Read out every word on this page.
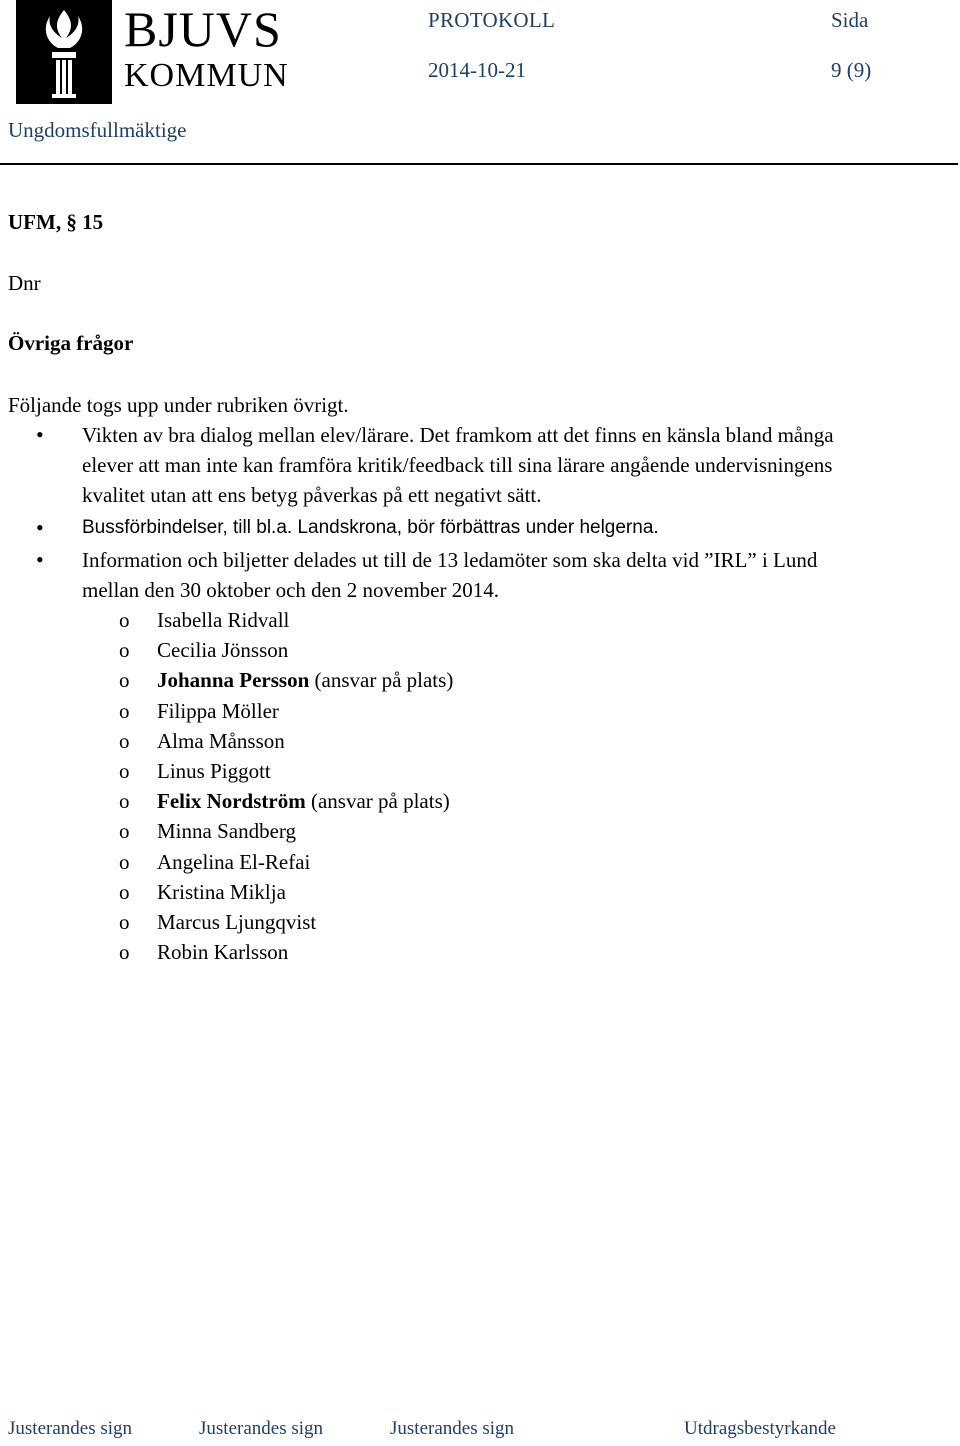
BJUVS
KOMMUN
PROTOKOLL	Sida
2014-10-21	9 (9)
Ungdomsfullmäktige
UFM, § 15
Dnr
Övriga frågor
Följande togs upp under rubriken övrigt.
• Vikten av bra dialog mellan elev/lärare. Det framkom att det finns en känsla bland många
elever att man inte kan framföra kritik/feedback till sina lärare angående undervisningens
kvalitet utan att ens betyg påverkas på ett negativt sätt.
• Bussförbindelser, till bl.a. Landskrona, bör förbättras under helgerna.
• Information och biljetter delades ut till de 13 ledamöter som ska delta vid ”IRL” i Lund
mellan den 30 oktober och den 2 november 2014.
o Isabella Ridvall
o Cecilia Jönsson
o Johanna Persson (ansvar på plats)
o Filippa Möller
o Alma Månsson
o Linus Piggott
o Felix Nordström (ansvar på plats)
o Minna Sandberg
o Angelina El-Refai
o Kristina Miklja
o Marcus Ljungqvist
o Robin Karlsson
Justerandes sign	Justerandes sign	Justerandes sign	Utdragsbestyrkande
